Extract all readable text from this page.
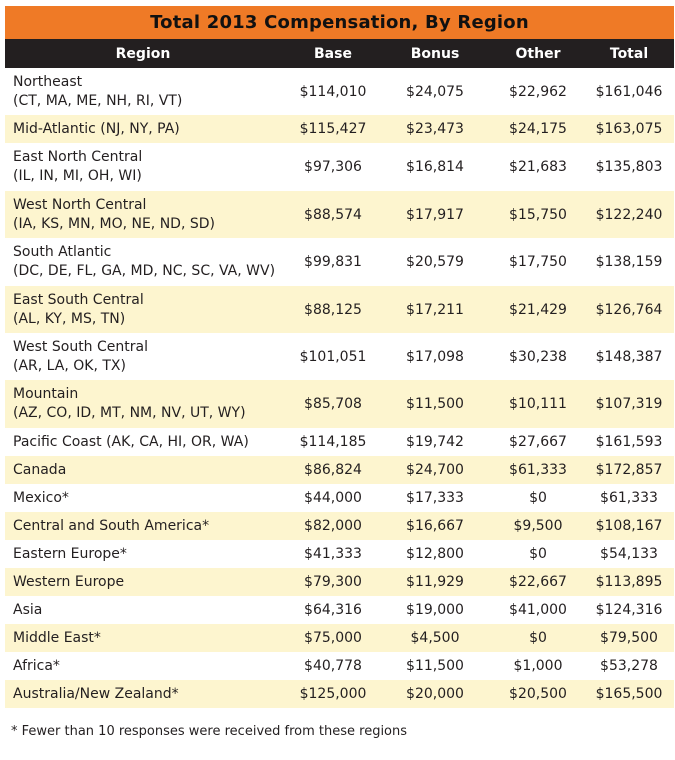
Total 2013 Compensation, By Region
Region	Base	Bonus	Other	Total
Northeast
(CT, MA, ME, NH, RI, VT)
$114,010	$24,075	$22,962	$161,046
Mid-Atlantic (NJ, NY, PA)	$115,427	$23,473	$24,175	$163,075
East North Central
(IL, IN, MI, OH, WI)
$97,306	$16,814	$21,683	$135,803
West North Central
(IA, KS, MN, MO, NE, ND, SD)
$88,574	$17,917	$15,750	$122,240
South Atlantic
(DC, DE, FL, GA, MD, NC, SC, VA, WV)
$99,831	$20,579	$17,750	$138,159
East South Central
(AL, KY, MS, TN)
$88,125	$17,211	$21,429	$126,764
West South Central
(AR, LA, OK, TX)
$101,051	$17,098	$30,238	$148,387
Mountain
(AZ, CO, ID, MT, NM, NV, UT, WY)
$85,708	$11,500	$10,111	$107,319
Pacific Coast (AK, CA, HI, OR, WA)	$114,185	$19,742	$27,667	$161,593
Canada	$86,824	$24,700	$61,333	$172,857
Mexico*	$44,000	$17,333	$0	$61,333
Central and South America*	$82,000	$16,667	$9,500	$108,167
Eastern Europe*	$41,333	$12,800	$0	$54,133
Western Europe	$79,300	$11,929	$22,667	$113,895
Asia	$64,316	$19,000	$41,000	$124,316
Middle East*	$75,000	$4,500	$0	$79,500
Africa*	$40,778	$11,500	$1,000	$53,278
Australia/New Zealand*	$125,000	$20,000	$20,500	$165,500
* Fewer than 10 responses were received from these regions
